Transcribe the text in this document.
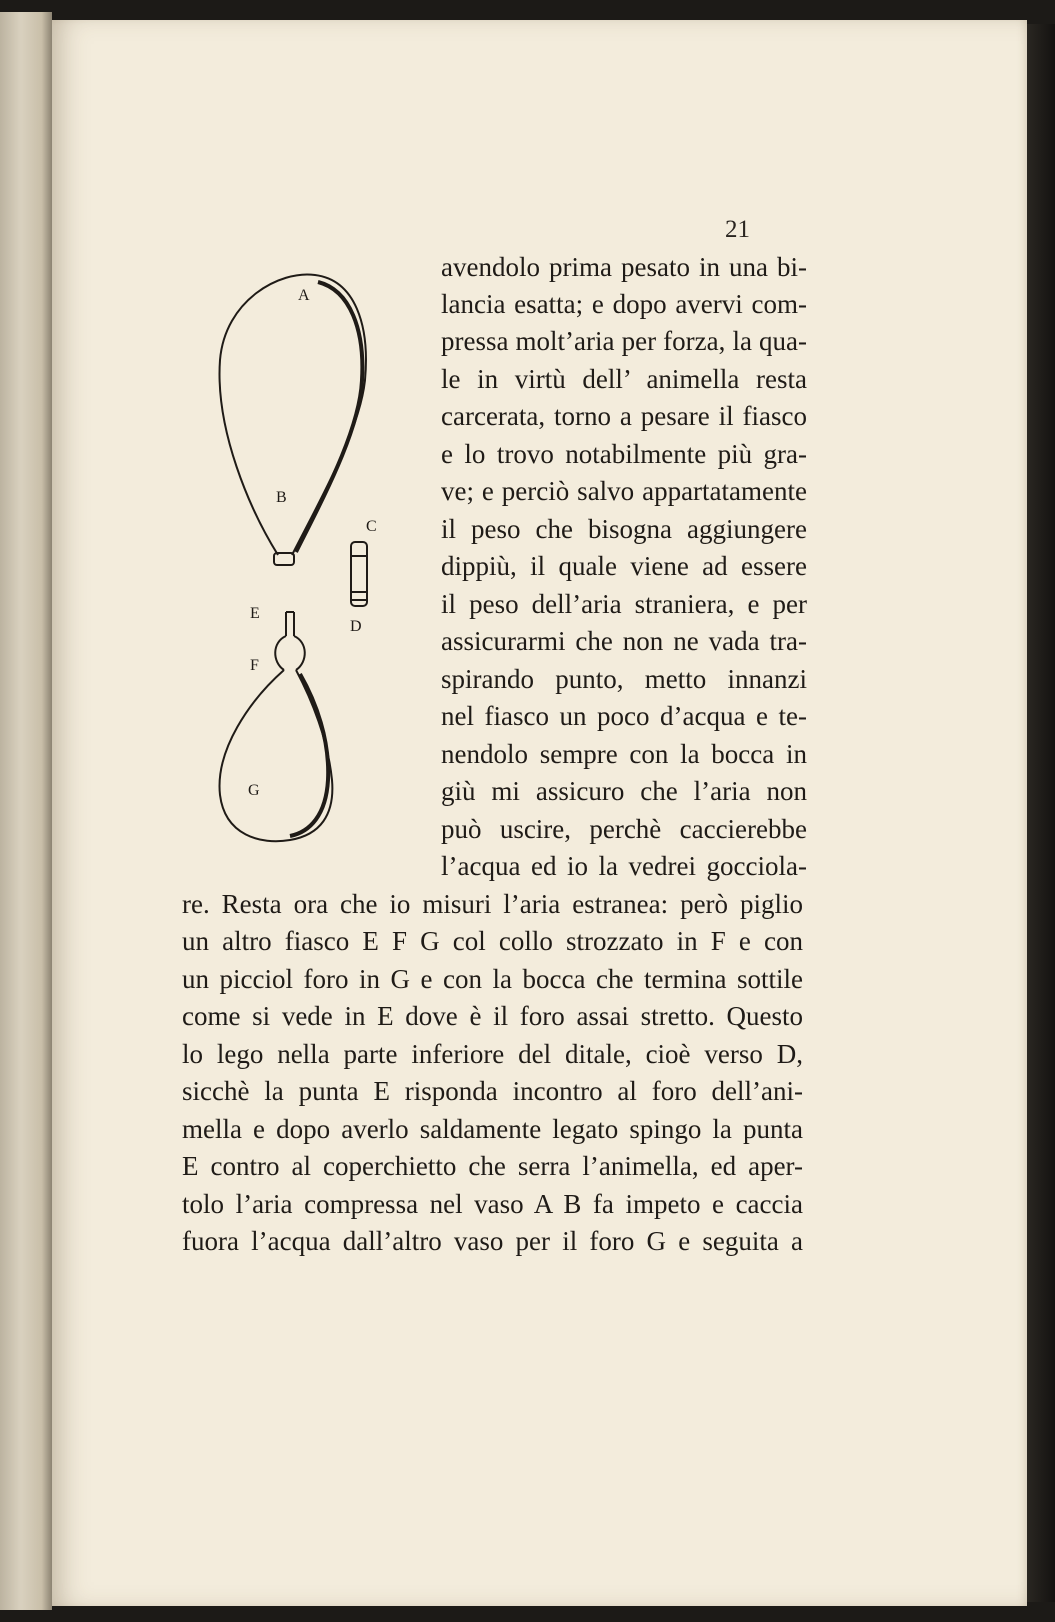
21
A
B
C
D
E
F
G

avendolo prima pesato in una bi-

lancia esatta; e dopo avervi com-

pressa molt’aria per forza, la qua-

le in virtù dell’ animella resta

carcerata, torno a pesare il fiasco

e lo trovo notabilmente più gra-

ve; e perciò salvo appartatamente

il peso che bisogna aggiungere

dippiù, il quale viene ad essere

il peso dell’aria straniera, e per

assicurarmi che non ne vada tra-

spirando punto, metto innanzi

nel fiasco un poco d’acqua e te-

nendolo sempre con la bocca in

giù mi assicuro che l’aria non

può uscire, perchè caccierebbe

l’acqua ed io la vedrei gocciola-

re. Resta ora che io misuri l’aria estranea: però piglio

un altro fiasco E F G col collo strozzato in F e con

un picciol foro in G e con la bocca che termina sottile

come si vede in E dove è il foro assai stretto. Questo

lo lego nella parte inferiore del ditale, cioè verso D,

sicchè la punta E risponda incontro al foro dell’ani-

mella e dopo averlo saldamente legato spingo la punta

E contro al coperchietto che serra l’animella, ed aper-

tolo l’aria compressa nel vaso A B fa impeto e caccia

fuora l’acqua dall’altro vaso per il foro G e seguita a
